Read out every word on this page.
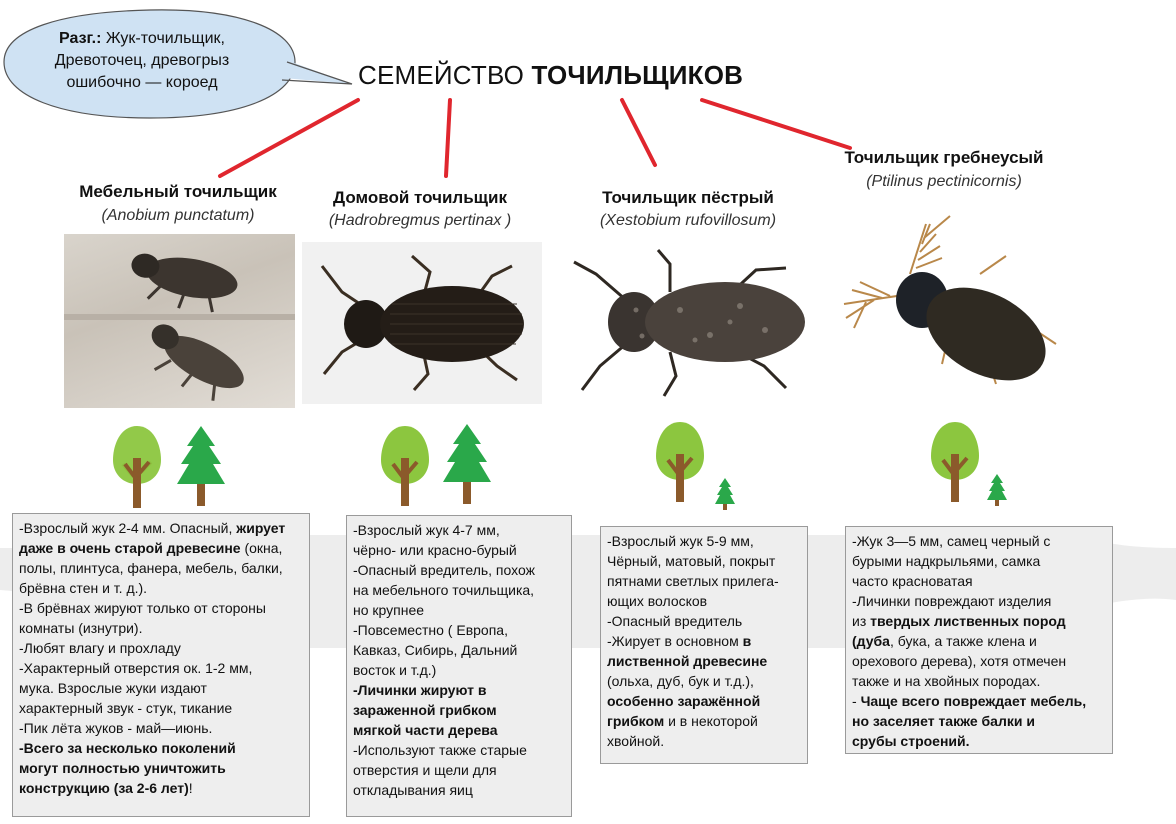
Разг.: Жук-точильщик,
Древоточец, древогрыз
ошибочно — короед	СЕМЕЙСТВО ТОЧИЛЬЩИКОВ
Мебельный точильщик
(Anobium punctatum)
Домовой точильщик
(Hadrobregmus pertinax )
Точильщик пёстрый
(Xestobium rufovillosum)
Точильщик гребнеусый
(Ptilinus pectinicornis)

-Взрослый жук 2-4 мм. Опасный, жирует

даже в очень старой древесине (окна,

полы, плинтуса, фанера, мебель, балки,

брёвна стен и т. д.).

-В брёвнах жируют только от стороны

комнаты (изнутри).

-Любят влагу и прохладу

-Характерный отверстия ок. 1-2 мм,

мука. Взрослые жуки издают

характерный звук - стук, тикание

-Пик лёта жуков - май—июнь.

-Всего за несколько поколений

могут полностью уничтожить

конструкцию (за 2-6 лет)!

-Взрослый жук 4-7 мм,

чёрно- или красно-бурый

-Опасный вредитель, похож

на мебельного точильщика,

но крупнее

-Повсеместно ( Европа,

Кавказ, Сибирь, Дальний

восток и т.д.)

-Личинки жируют в

зараженной грибком

мягкой части дерева

-Используют также старые

отверстия и щели для

откладывания яиц

-Взрослый жук 5-9 мм,

Чёрный, матовый, покрыт

пятнами светлых прилега-

ющих волосков

-Опасный вредитель

-Жирует в основном в

лиственной древесине

(ольха, дуб, бук и т.д.),

особенно заражённой

грибком и в некоторой

хвойной.

-Жук 3—5 мм, самец черный с

бурыми надкрыльями, самка

часто красноватая

-Личинки повреждают изделия

из твердых лиственных пород

(дуба, бука, а также клена и

орехового дерева), хотя отмечен

также и на хвойных породах.

- Чаще всего повреждает мебель,

но заселяет также балки и

срубы строений.
